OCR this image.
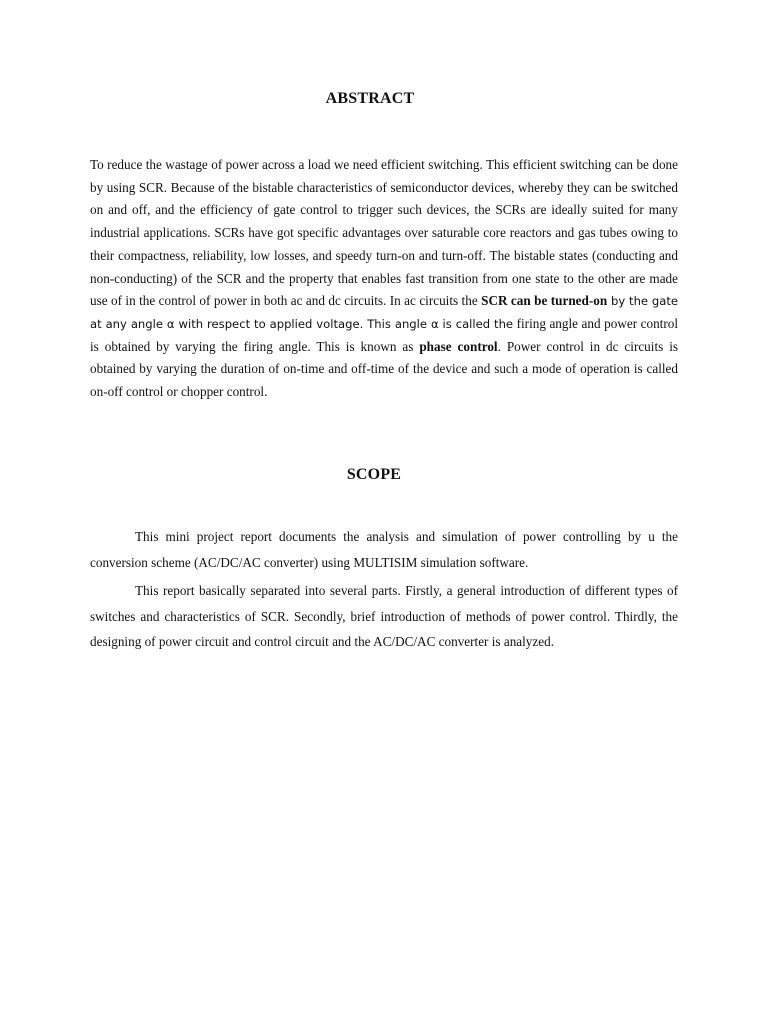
ABSTRACT

To reduce the wastage of power across a load we need efficient switching. This efficient switching can be done by using SCR. Because of the bistable characteristics of semiconductor devices, whereby they can be switched on and off, and the efficiency of gate control to trigger such devices, the SCRs are ideally suited for many industrial applications. SCRs have got specific advantages over saturable core reactors and gas tubes owing to their compactness, reliability, low losses, and speedy turn-on and turn-off. The bistable states (conducting and non-conducting) of the SCR and the property that enables fast transition from one state to the other are made use of in the control of power in both ac and dc circuits. In ac circuits the SCR can be turned-on by the gate at any angle α with respect to applied voltage. This angle α is called the firing angle and power control is obtained by varying the firing angle. This is known as phase control. Power control in dc circuits is obtained by varying the duration of on-time and off-time of the device and such a mode of operation is called on-off control or chopper control.

SCOPE

This mini project report documents the analysis and simulation of power controlling by u the conversion scheme (AC/DC/AC converter) using MULTISIM simulation software.

This report basically separated into several parts. Firstly, a general introduction of different types of switches and characteristics of SCR. Secondly, brief introduction of methods of power control. Thirdly, the designing of power circuit and control circuit and the AC/DC/AC converter is analyzed.
